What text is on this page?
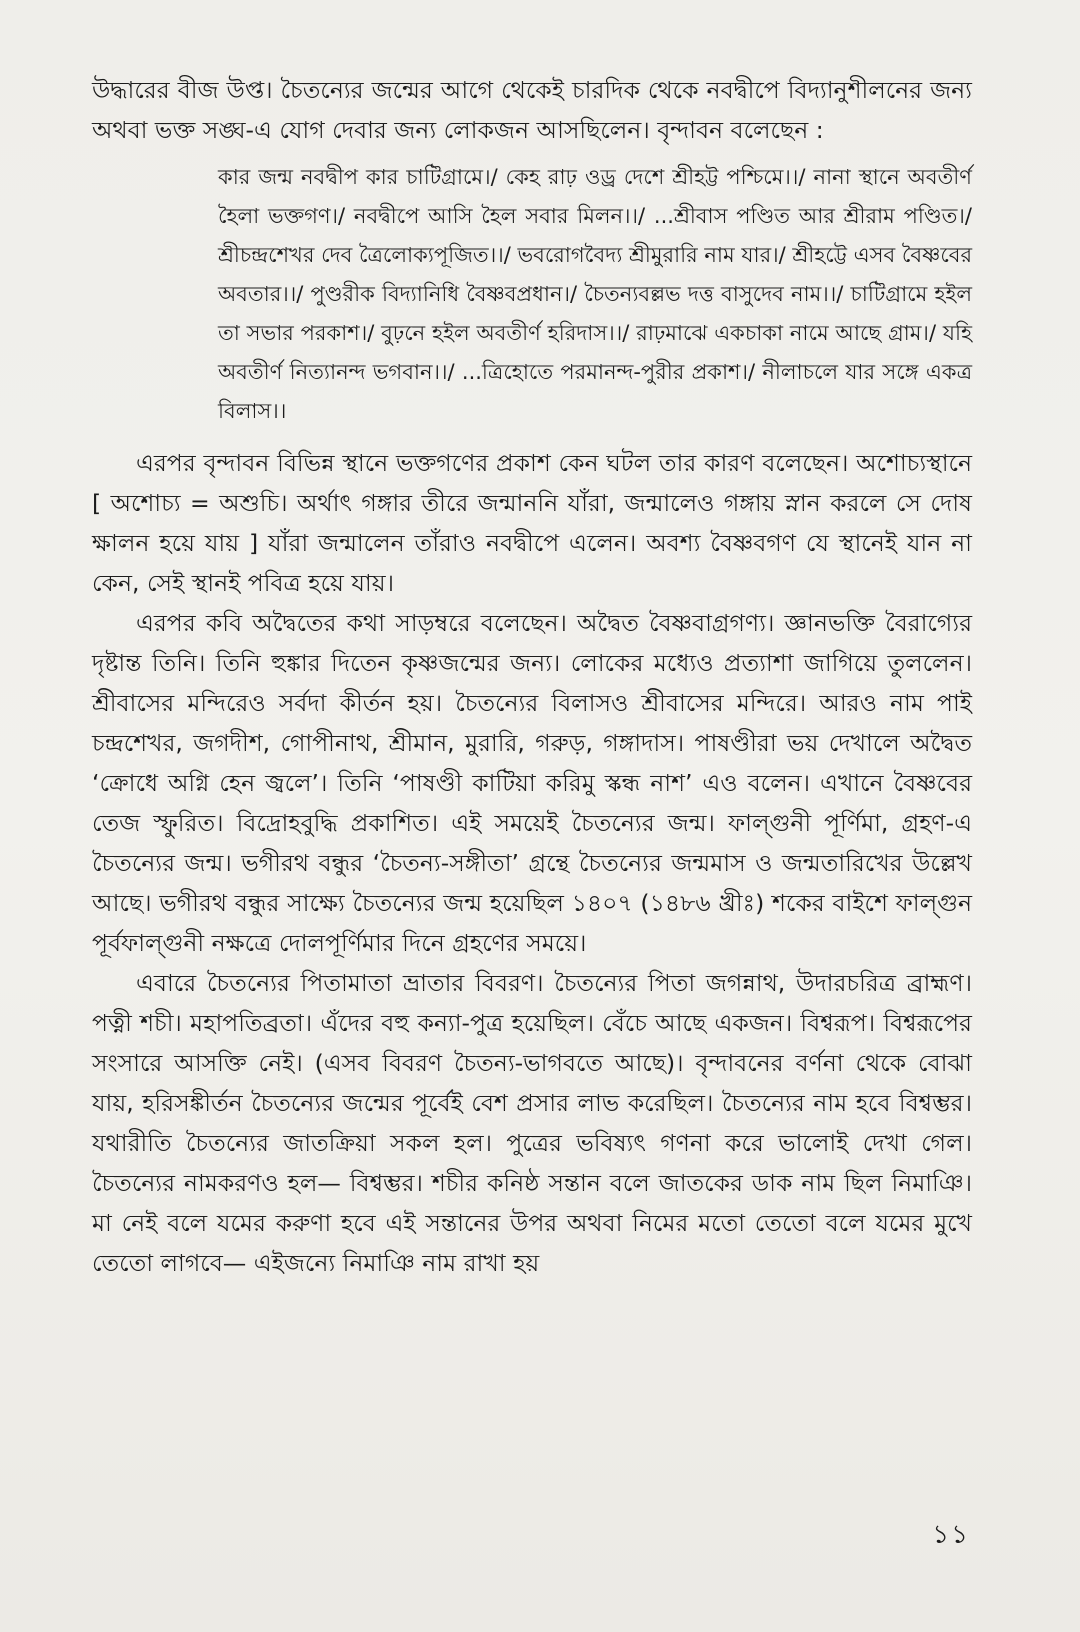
উদ্ধারের বীজ উপ্ত। চৈতন্যের জন্মের আগে থেকেই চারদিক থেকে নবদ্বীপে বিদ্যানুশীলনের জন্য অথবা ভক্ত সঙ্ঘ-এ যোগ দেবার জন্য লোকজন আসছিলেন। বৃন্দাবন বলেছেন :

কার জন্ম নবদ্বীপ কার চাটিগ্রামে।/ কেহ রাঢ় ওড্র দেশে শ্রীহট্ট পশ্চিমে।।/ নানা স্থানে অবতীর্ণ হৈলা ভক্তগণ।/ নবদ্বীপে আসি হৈল সবার মিলন।।/ ...শ্রীবাস পণ্ডিত আর শ্রীরাম পণ্ডিত।/ শ্রীচন্দ্রশেখর দেব ত্রৈলোক্যপূজিত।।/ ভবরোগবৈদ্য শ্রীমুরারি নাম যার।/ শ্রীহট্টে এসব বৈষ্ণবের অবতার।।/ পুণ্ডরীক বিদ্যানিধি বৈষ্ণবপ্রধান।/ চৈতন্যবল্লভ দত্ত বাসুদেব নাম।।/ চাটিগ্রামে হইল তা সভার পরকাশ।/ বুঢ়নে হইল অবতীর্ণ হরিদাস।।/ রাঢ়মাঝে একচাকা নামে আছে গ্রাম।/ যহি অবতীর্ণ নিত্যানন্দ ভগবান।।/ ...ত্রিহোতে পরমানন্দ-পুরীর প্রকাশ।/ নীলাচলে যার সঙ্গে একত্র বিলাস।।

এরপর বৃন্দাবন বিভিন্ন স্থানে ভক্তগণের প্রকাশ কেন ঘটল তার কারণ বলেছেন। অশোচ্যস্থানে [ অশোচ্য = অশুচি। অর্থাৎ গঙ্গার তীরে জন্মাননি যাঁরা, জন্মালেও গঙ্গায় স্নান করলে সে দোষ ক্ষালন হয়ে যায় ] যাঁরা জন্মালেন তাঁরাও নবদ্বীপে এলেন। অবশ্য বৈষ্ণবগণ যে স্থানেই যান না কেন, সেই স্থানই পবিত্র হয়ে যায়।

এরপর কবি অদ্বৈতের কথা সাড়ম্বরে বলেছেন। অদ্বৈত বৈষ্ণবাগ্রগণ্য। জ্ঞানভক্তি বৈরাগ্যের দৃষ্টান্ত তিনি। তিনি হুঙ্কার দিতেন কৃষ্ণজন্মের জন্য। লোকের মধ্যেও প্রত্যাশা জাগিয়ে তুললেন। শ্রীবাসের মন্দিরেও সর্বদা কীর্তন হয়। চৈতন্যের বিলাসও শ্রীবাসের মন্দিরে। আরও নাম পাই চন্দ্রশেখর, জগদীশ, গোপীনাথ, শ্রীমান, মুরারি, গরুড়, গঙ্গাদাস। পাষণ্ডীরা ভয় দেখালে অদ্বৈত ‘ক্রোধে অগ্নি হেন জ্বলে’। তিনি ‘পাষণ্ডী কাটিয়া করিমু স্কন্ধ নাশ’ এও বলেন। এখানে বৈষ্ণবের তেজ স্ফুরিত। বিদ্রোহবুদ্ধি প্রকাশিত। এই সময়েই চৈতন্যের জন্ম। ফাল্গুনী পূর্ণিমা, গ্রহণ-এ চৈতন্যের জন্ম। ভগীরথ বন্ধুর ‘চৈতন্য-সঙ্গীতা’ গ্রন্থে চৈতন্যের জন্মমাস ও জন্মতারিখের উল্লেখ আছে। ভগীরথ বন্ধুর সাক্ষ্যে চৈতন্যের জন্ম হয়েছিল ১৪০৭ (১৪৮৬ খ্রীঃ) শকের বাইশে ফাল্গুন পূর্বফাল্গুনী নক্ষত্রে দোলপূর্ণিমার দিনে গ্রহণের সময়ে।

এবারে চৈতন্যের পিতামাতা ভ্রাতার বিবরণ। চৈতন্যের পিতা জগন্নাথ, উদারচরিত্র ব্রাহ্মণ। পত্নী শচী। মহাপতিব্রতা। এঁদের বহু কন্যা-পুত্র হয়েছিল। বেঁচে আছে একজন। বিশ্বরূপ। বিশ্বরূপের সংসারে আসক্তি নেই। (এসব বিবরণ চৈতন্য-ভাগবতে আছে)। বৃন্দাবনের বর্ণনা থেকে বোঝা যায়, হরিসঙ্কীর্তন চৈতন্যের জন্মের পূর্বেই বেশ প্রসার লাভ করেছিল। চৈতন্যের নাম হবে বিশ্বম্ভর। যথারীতি চৈতন্যের জাতক্রিয়া সকল হল। পুত্রের ভবিষ্যৎ গণনা করে ভালোই দেখা গেল। চৈতন্যের নামকরণও হল— বিশ্বম্ভর। শচীর কনিষ্ঠ সন্তান বলে জাতকের ডাক নাম ছিল নিমাঞি। মা নেই বলে যমের করুণা হবে এই সন্তানের উপর অথবা নিমের মতো তেতো বলে যমের মুখে তেতো লাগবে— এইজন্যে নিমাঞি নাম রাখা হয়

১১
